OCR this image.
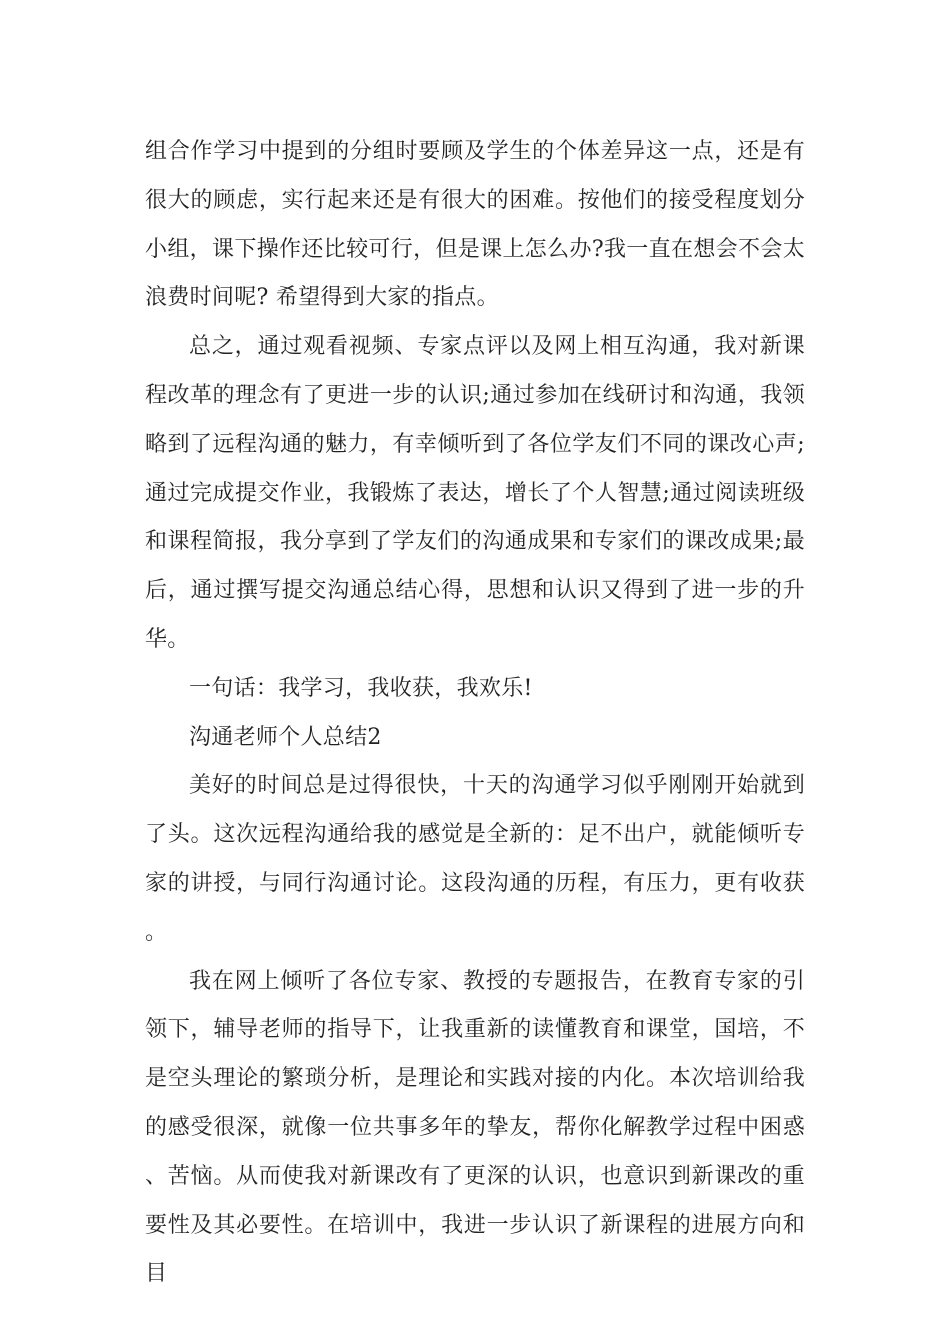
组合作学习中提到的分组时要顾及学生的个体差异这一点，还是有很大的顾虑，实行起来还是有很大的困难。按他们的接受程度划分小组，课下操作还比较可行，但是课上怎么办?我一直在想会不会太浪费时间呢? 希望得到大家的指点。

总之，通过观看视频、专家点评以及网上相互沟通，我对新课程改革的理念有了更进一步的认识;通过参加在线研讨和沟通，我领略到了远程沟通的魅力，有幸倾听到了各位学友们不同的课改心声;通过完成提交作业，我锻炼了表达，增长了个人智慧;通过阅读班级和课程简报，我分享到了学友们的沟通成果和专家们的课改成果;最后，通过撰写提交沟通总结心得，思想和认识又得到了进一步的升华。

一句话：我学习，我收获，我欢乐!

沟通老师个人总结2

美好的时间总是过得很快，十天的沟通学习似乎刚刚开始就到了头。这次远程沟通给我的感觉是全新的：足不出户，就能倾听专家的讲授，与同行沟通讨论。这段沟通的历程，有压力，更有收获。

我在网上倾听了各位专家、教授的专题报告，在教育专家的引领下，辅导老师的指导下，让我重新的读懂教育和课堂，国培，不是空头理论的繁琐分析，是理论和实践对接的内化。本次培训给我的感受很深，就像一位共事多年的挚友，帮你化解教学过程中困惑、苦恼。从而使我对新课改有了更深的认识，也意识到新课改的重要性及其必要性。在培训中，我进一步认识了新课程的进展方向和目
